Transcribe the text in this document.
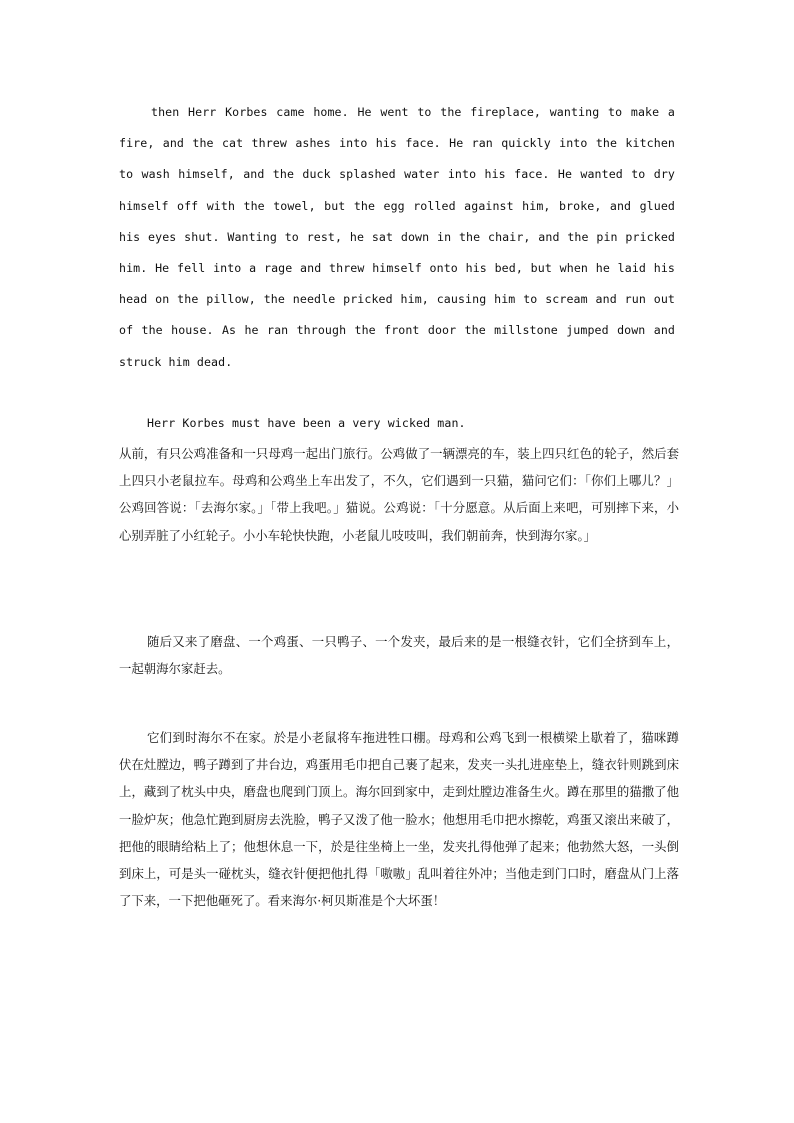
then Herr Korbes came home. He went to the fireplace, wanting to make a fire, and the cat threw ashes into his face. He ran quickly into the kitchen to wash himself, and the duck splashed water into his face. He wanted to dry himself off with the towel, but the egg rolled against him, broke, and glued his eyes shut. Wanting to rest, he sat down in the chair, and the pin pricked him. He fell into a rage and threw himself onto his bed, but when he laid his head on the pillow, the needle pricked him, causing him to scream and run out of the house. As he ran through the front door the millstone jumped down and struck him dead.

Herr Korbes must have been a very wicked man.

从前，有只公鸡准备和一只母鸡一起出门旅行。公鸡做了一辆漂亮的车，装上四只红色的轮子，然后套上四只小老鼠拉车。母鸡和公鸡坐上车出发了，不久，它们遇到一只猫，猫问它们：「你们上哪儿？」公鸡回答说：「去海尔家。」「带上我吧。」猫说。公鸡说：「十分愿意。从后面上来吧，可别摔下来，小心别弄脏了小红轮子。小小车轮快快跑，小老鼠儿吱吱叫，我们朝前奔，快到海尔家。」

随后又来了磨盘、一个鸡蛋、一只鸭子、一个发夹，最后来的是一根缝衣针，它们全挤到车上，一起朝海尔家赶去。

它们到时海尔不在家。於是小老鼠将车拖进牲口棚。母鸡和公鸡飞到一根横梁上歇着了，猫咪蹲伏在灶膛边，鸭子蹲到了井台边，鸡蛋用毛巾把自己裹了起来，发夹一头扎进座垫上，缝衣针则跳到床上，藏到了枕头中央，磨盘也爬到门顶上。海尔回到家中，走到灶膛边准备生火。蹲在那里的猫撒了他一脸炉灰；他急忙跑到厨房去洗脸，鸭子又泼了他一脸水；他想用毛巾把水擦乾，鸡蛋又滚出来破了，把他的眼睛给粘上了；他想休息一下，於是往坐椅上一坐，发夹扎得他弹了起来；他勃然大怒，一头倒到床上，可是头一碰枕头，缝衣针便把他扎得「嗷嗷」乱叫着往外冲；当他走到门口时，磨盘从门上落了下来，一下把他砸死了。看来海尔·柯贝斯准是个大坏蛋！
